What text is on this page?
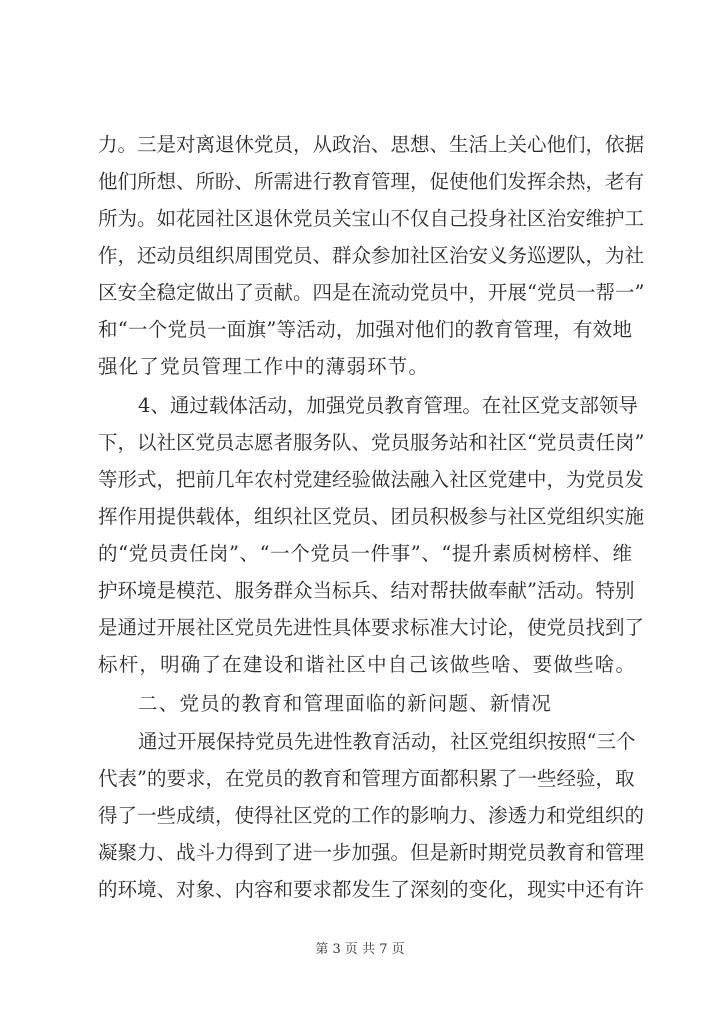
力。三是对离退休党员，从政治、思想、生活上关心他们，依据
他们所想、所盼、所需进行教育管理，促使他们发挥余热，老有
所为。如花园社区退休党员关宝山不仅自己投身社区治安维护工
作，还动员组织周围党员、群众参加社区治安义务巡逻队，为社
区安全稳定做出了贡献。四是在流动党员中，开展“党员一帮一”
和“一个党员一面旗”等活动，加强对他们的教育管理，有效地
强化了党员管理工作中的薄弱环节。
4、通过载体活动，加强党员教育管理。在社区党支部领导
下，以社区党员志愿者服务队、党员服务站和社区“党员责任岗”
等形式，把前几年农村党建经验做法融入社区党建中，为党员发
挥作用提供载体，组织社区党员、团员积极参与社区党组织实施
的“党员责任岗”、“一个党员一件事”、“提升素质树榜样、维
护环境是模范、服务群众当标兵、结对帮扶做奉献”活动。特别
是通过开展社区党员先进性具体要求标准大讨论，使党员找到了
标杆，明确了在建设和谐社区中自己该做些啥、要做些啥。
二、党员的教育和管理面临的新问题、新情况
通过开展保持党员先进性教育活动，社区党组织按照“三个
代表”的要求，在党员的教育和管理方面都积累了一些经验，取
得了一些成绩，使得社区党的工作的影响力、渗透力和党组织的
凝聚力、战斗力得到了进一步加强。但是新时期党员教育和管理
的环境、对象、内容和要求都发生了深刻的变化，现实中还有许
第 3 页 共 7 页
